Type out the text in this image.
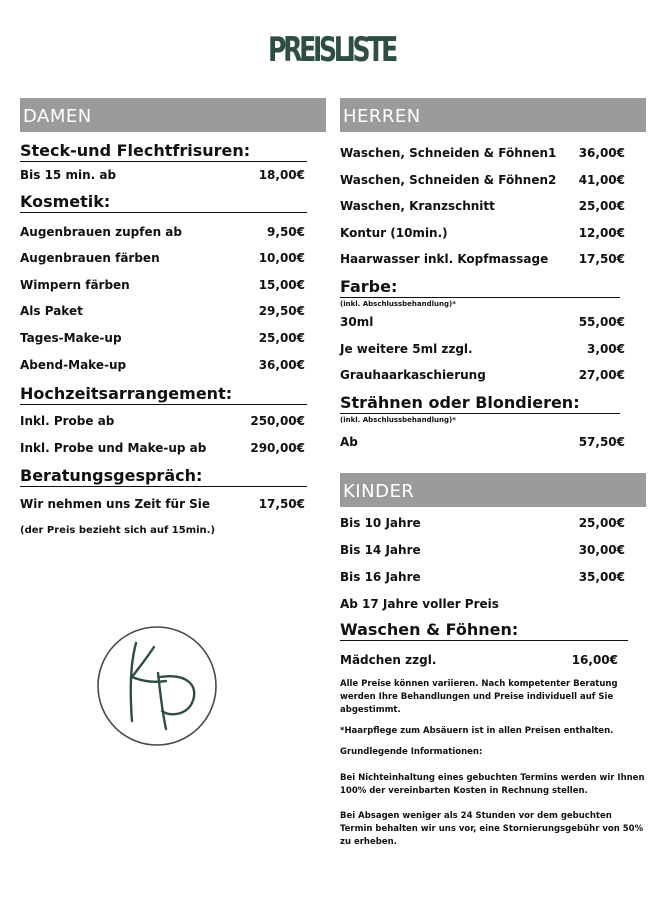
PREISLISTE
DAMEN
Steck-und Flechtfrisuren:
Bis 15 min. ab	18,00€
Kosmetik:
Augenbrauen zupfen ab	9,50€
Augenbrauen färben	10,00€
Wimpern färben	15,00€
Als Paket	29,50€
Tages-Make-up	25,00€
Abend-Make-up	36,00€
Hochzeitsarrangement:
Inkl. Probe ab	250,00€
Inkl. Probe und Make-up ab	290,00€
Beratungsgespräch:
Wir nehmen uns Zeit für Sie	17,50€
(der Preis bezieht sich auf 15min.)
HERREN
Waschen, Schneiden & Föhnen1 36,00€
Waschen, Schneiden & Föhnen2 41,00€
Waschen, Kranzschnitt	25,00€
Kontur (10min.)	12,00€
Haarwasser inkl. Kopfmassage	17,50€
Farbe:
(inkl. Abschlussbehandlung)*
30ml	55,00€
Je weitere 5ml zzgl.	3,00€
Grauhaarkaschierung	27,00€
Strähnen oder Blondieren:
(inkl. Abschlussbehandlung)*
Ab	57,50€
KINDER
Bis 10 Jahre	25,00€
Bis 14 Jahre	30,00€
Bis 16 Jahre	35,00€
Ab 17 Jahre voller Preis
Waschen & Föhnen:
Mädchen zzgl.	16,00€
Alle Preise können variieren. Nach kompetenter Beratung werden Ihre Behandlungen und Preise individuell auf Sie abgestimmt.
*Haarpflege zum Absäuern ist in allen Preisen enthalten.
Grundlegende Informationen:
Bei Nichteinhaltung eines gebuchten Termins werden wir Ihnen 100% der vereinbarten Kosten in Rechnung stellen.
Bei Absagen weniger als 24 Stunden vor dem gebuchten Termin behalten wir uns vor, eine Stornierungsgebühr von 50% zu erheben.
